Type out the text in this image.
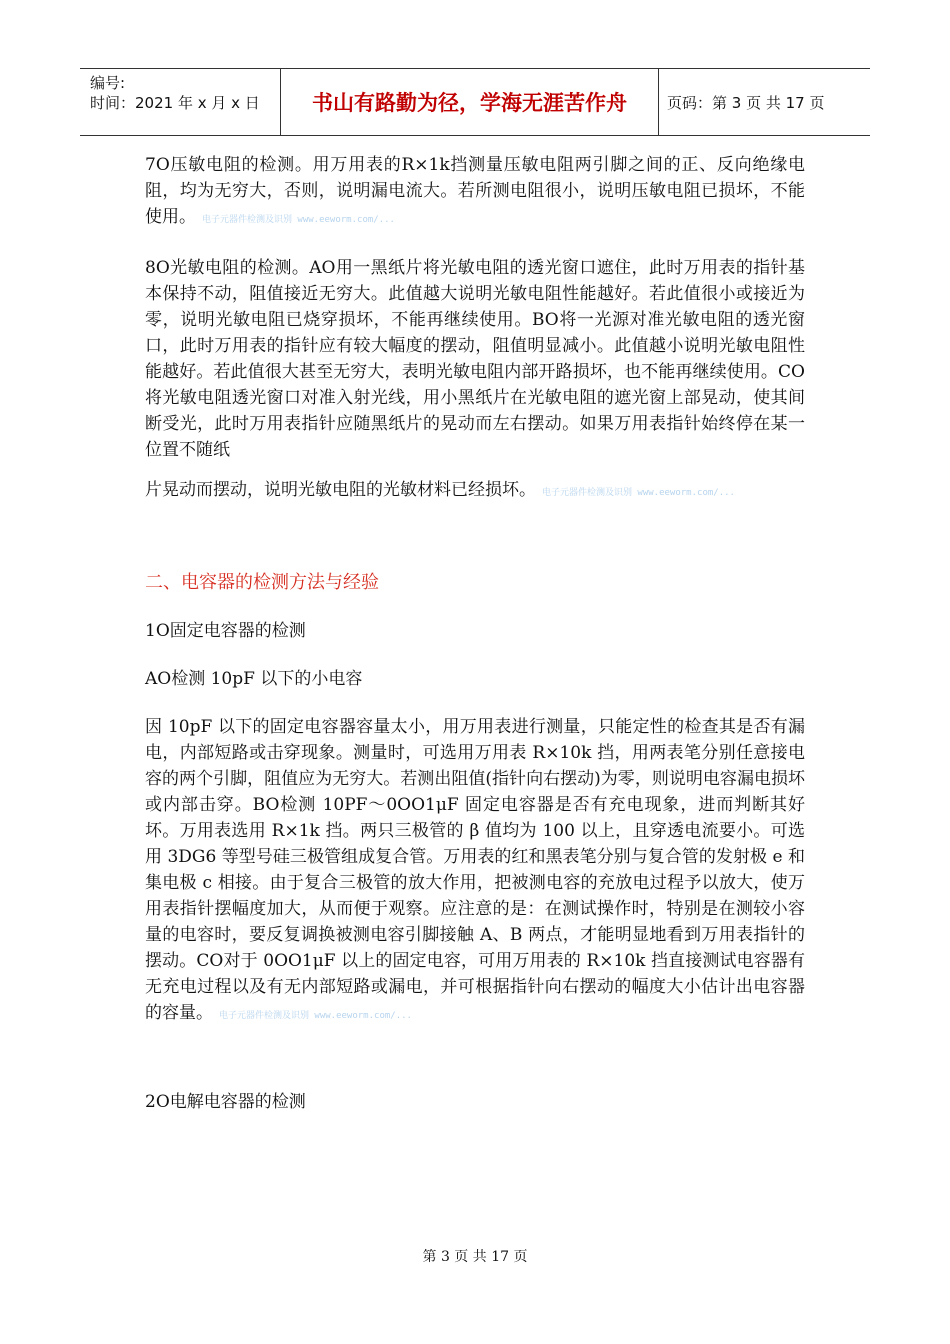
编号:
时间：2021 年 x 月 x 日	书山有路勤为径，学海无涯苦作舟	页码：第 3 页 共 17 页

7O压敏电阻的检测。用万用表的R×1k挡测量压敏电阻两引脚之间的正、反向绝缘电阻，均为无穷大，否则，说明漏电流大。若所测电阻很小，说明压敏电阻已损坏，不能使用。 电子元器件检测及识别 www.eeworm.com/...

8O光敏电阻的检测。AO用一黑纸片将光敏电阻的透光窗口遮住，此时万用表的指针基本保持不动，阻值接近无穷大。此值越大说明光敏电阻性能越好。若此值很小或接近为零，说明光敏电阻已烧穿损坏，不能再继续使用。BO将一光源对准光敏电阻的透光窗口，此时万用表的指针应有较大幅度的摆动，阻值明显减小。此值越小说明光敏电阻性能越好。若此值很大甚至无穷大，表明光敏电阻内部开路损坏，也不能再继续使用。CO将光敏电阻透光窗口对准入射光线，用小黑纸片在光敏电阻的遮光窗上部晃动，使其间断受光，此时万用表指针应随黑纸片的晃动而左右摆动。如果万用表指针始终停在某一位置不随纸

片晃动而摆动，说明光敏电阻的光敏材料已经损坏。 电子元器件检测及识别 www.eeworm.com/...

二、电容器的检测方法与经验

1O固定电容器的检测

AO检测 10pF 以下的小电容

因 10pF 以下的固定电容器容量太小，用万用表进行测量，只能定性的检查其是否有漏电，内部短路或击穿现象。测量时，可选用万用表 R×10k 挡，用两表笔分别任意接电容的两个引脚，阻值应为无穷大。若测出阻值(指针向右摆动)为零，则说明电容漏电损坏或内部击穿。BO检测 10PF～0OO1μF 固定电容器是否有充电现象，进而判断其好坏。万用表选用 R×1k 挡。两只三极管的 β 值均为 100 以上，且穿透电流要小。可选用 3DG6 等型号硅三极管组成复合管。万用表的红和黑表笔分别与复合管的发射极 e 和集电极 c 相接。由于复合三极管的放大作用，把被测电容的充放电过程予以放大，使万用表指针摆幅度加大，从而便于观察。应注意的是：在测试操作时，特别是在测较小容量的电容时，要反复调换被测电容引脚接触 A、B 两点，才能明显地看到万用表指针的摆动。CO对于 0OO1μF 以上的固定电容，可用万用表的 R×10k 挡直接测试电容器有无充电过程以及有无内部短路或漏电，并可根据指针向右摆动的幅度大小估计出电容器的容量。 电子元器件检测及识别 www.eeworm.com/...

2O电解电容器的检测

第 3 页 共 17 页
